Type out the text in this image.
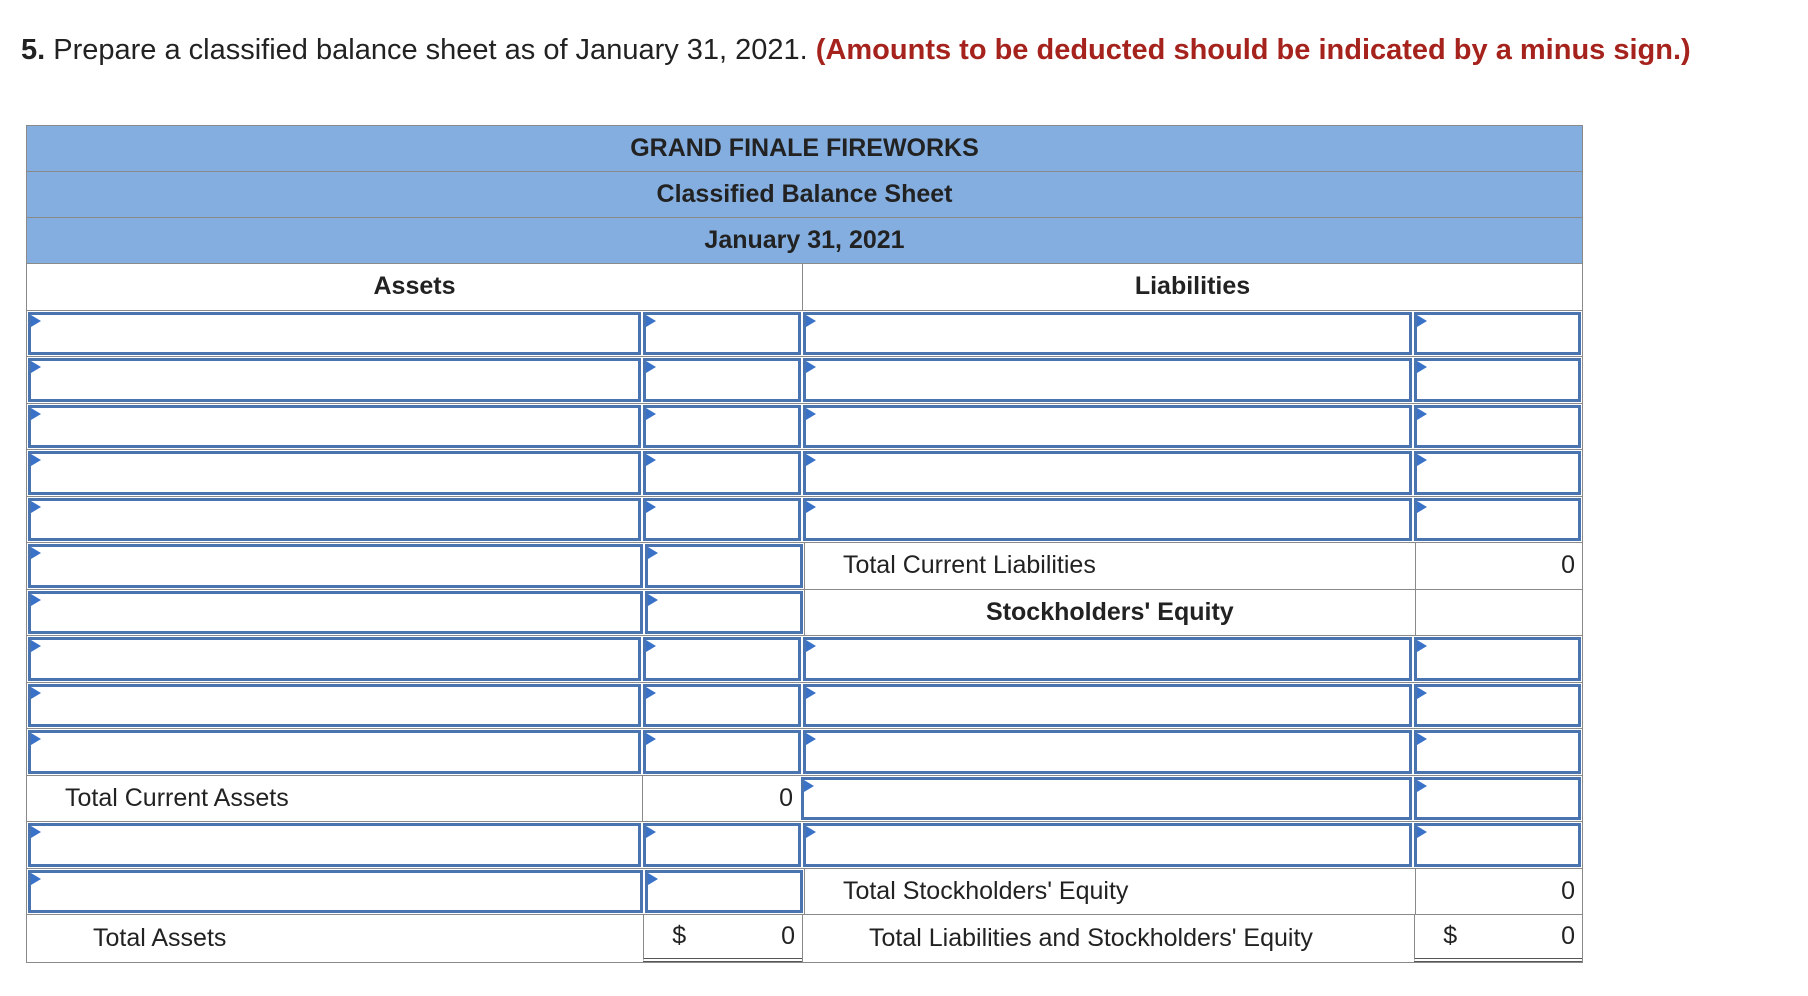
5. Prepare a classified balance sheet as of January 31, 2021. (Amounts to be deducted should be indicated by a minus sign.)
GRAND FINALE FIREWORKS
Classified Balance Sheet
January 31, 2021
Assets	Liabilities
Total Current Liabilities	0
Stockholders' Equity
Total Current Assets	0
Total Stockholders' Equity	0
Total Assets	$	0	Total Liabilities and Stockholders' Equity	$	0
